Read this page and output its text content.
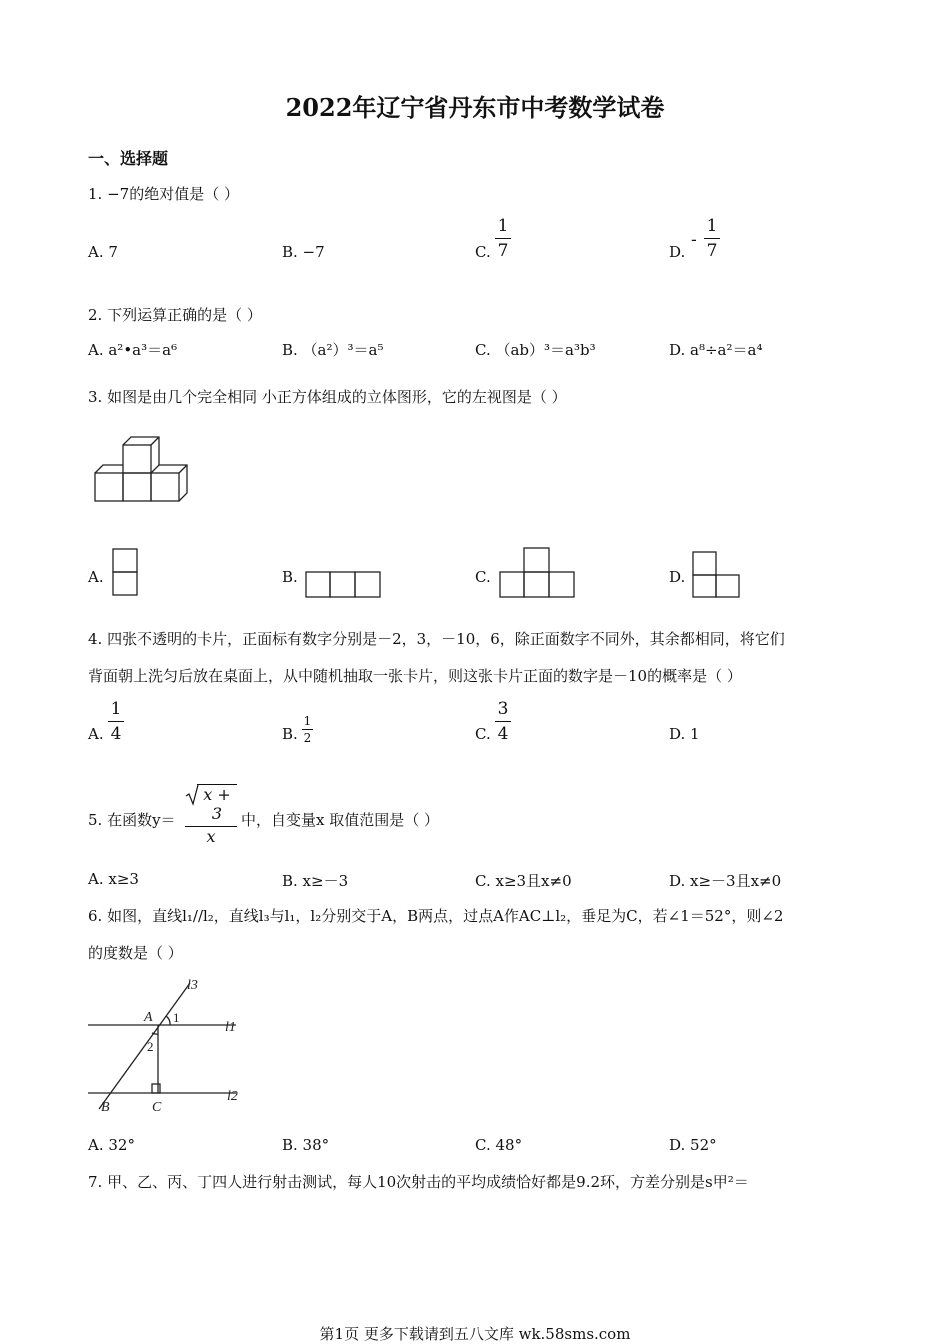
2022年辽宁省丹东市中考数学试卷
一、选择题
1. −7的绝对值是（ ）
A. 7	B. −7	C.
1
7	D.
-
1
7
2. 下列运算正确的是（ ）
A. a²•a³＝a⁶	B. （a²）³＝a⁵	C. （ab）³＝a³b³	D. a⁸÷a²＝a⁴
3. 如图是由几个完全相同 小正方体组成的立体图形，它的左视图是（ ）
A.	B.	C.	D.
4. 四张不透明的卡片，正面标有数字分别是－2，3，－10，6，除正面数字不同外，其余都相同，将它们
背面朝上洗匀后放在桌面上，从中随机抽取一张卡片，则这张卡片正面的数字是－10的概率是（ ）
A.
1
4	B.
1
2	C.
3
4	D. 1
5. 在函数y＝
x + 3
x
中，自变量x 取值范围是（ ）
A. x≥3	B. x≥－3	C. x≥3且x≠0	D. x≥－3且x≠0
6. 如图，直线l₁//l₂，直线l₃与l₁，l₂分别交于A，B两点，过点A作AC⊥l₂，垂足为C，若∠1＝52°，则∠2
的度数是（ ）
l3
l1
l2
A
B	C
1
2
A. 32°	B. 38°	C. 48°	D. 52°
7. 甲、乙、丙、丁四人进行射击测试，每人10次射击的平均成绩恰好都是9.2环，方差分别是s甲²＝
第1页 更多下载请到五八文库 wk.58sms.com
